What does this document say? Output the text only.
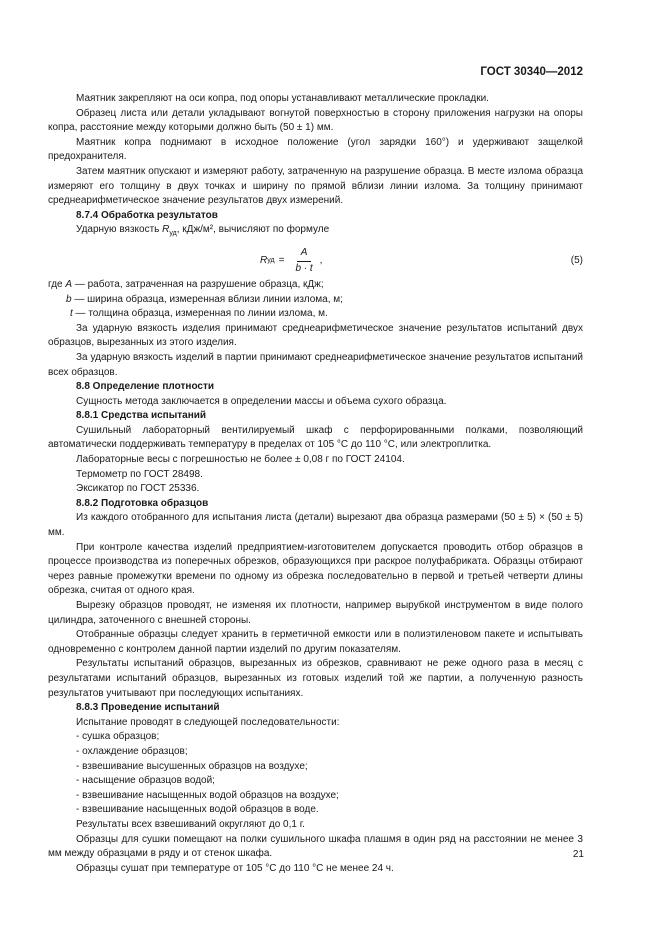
ГОСТ 30340—2012

Маятник закрепляют на оси копра, под опоры устанавливают металлические прокладки.

Образец листа или детали укладывают вогнутой поверхностью в сторону приложения нагрузки на опоры копра, расстояние между которыми должно быть (50 ± 1) мм.

Маятник копра поднимают в исходное положение (угол зарядки 160°) и удерживают защелкой предохранителя.

Затем маятник опускают и измеряют работу, затраченную на разрушение образца. В месте излома образца измеряют его толщину в двух точках и ширину по прямой вблизи линии излома. За толщину принимают среднеарифметическое значение результатов двух измерений.

8.7.4 Обработка результатов

Ударную вязкость $R_{уд}$, кДж/м², вычисляют по формуле

R уд = $\frac{A}{b \cdot t}$ ,	(5)

где A — работа, затраченная на разрушение образца, кДж;

b — ширина образца, измеренная вблизи линии излома, м;

t — толщина образца, измеренная по линии излома, м.

За ударную вязкость изделия принимают среднеарифметическое значение результатов испытаний двух образцов, вырезанных из этого изделия.

За ударную вязкость изделий в партии принимают среднеарифметическое значение результатов испытаний всех образцов.

8.8 Определение плотности

Сущность метода заключается в определении массы и объема сухого образца.

8.8.1 Средства испытаний

Сушильный лабораторный вентилируемый шкаф с перфорированными полками, позволяющий автоматически поддерживать температуру в пределах от 105 °С до 110 °С, или электроплитка.

Лабораторные весы с погрешностью не более ± 0,08 г по ГОСТ 24104.

Термометр по ГОСТ 28498.

Эксикатор по ГОСТ 25336.

8.8.2 Подготовка образцов

Из каждого отобранного для испытания листа (детали) вырезают два образца размерами (50 ± 5) × (50 ± 5) мм.

При контроле качества изделий предприятием-изготовителем допускается проводить отбор образцов в процессе производства из поперечных обрезков, образующихся при раскрое полуфабриката. Образцы отбирают через равные промежутки времени по одному из обрезка последовательно в первой и третьей четверти длины обрезка, считая от одного края.

Вырезку образцов проводят, не изменяя их плотности, например вырубкой инструментом в виде полого цилиндра, заточенного с внешней стороны.

Отобранные образцы следует хранить в герметичной емкости или в полиэтиленовом пакете и испытывать одновременно с контролем данной партии изделий по другим показателям.

Результаты испытаний образцов, вырезанных из обрезков, сравнивают не реже одного раза в месяц с результатами испытаний образцов, вырезанных из готовых изделий той же партии, а полученную разность результатов учитывают при последующих испытаниях.

8.8.3 Проведение испытаний

Испытание проводят в следующей последовательности:

- сушка образцов;

- охлаждение образцов;

- взвешивание высушенных образцов на воздухе;

- насыщение образцов водой;

- взвешивание насыщенных водой образцов на воздухе;

- взвешивание насыщенных водой образцов в воде.

Результаты всех взвешиваний округляют до 0,1 г.

Образцы для сушки помещают на полки сушильного шкафа плашмя в один ряд на расстоянии не менее 3 мм между образцами в ряду и от стенок шкафа.

Образцы сушат при температуре от 105 °С до 110 °С не менее 24 ч.

21
